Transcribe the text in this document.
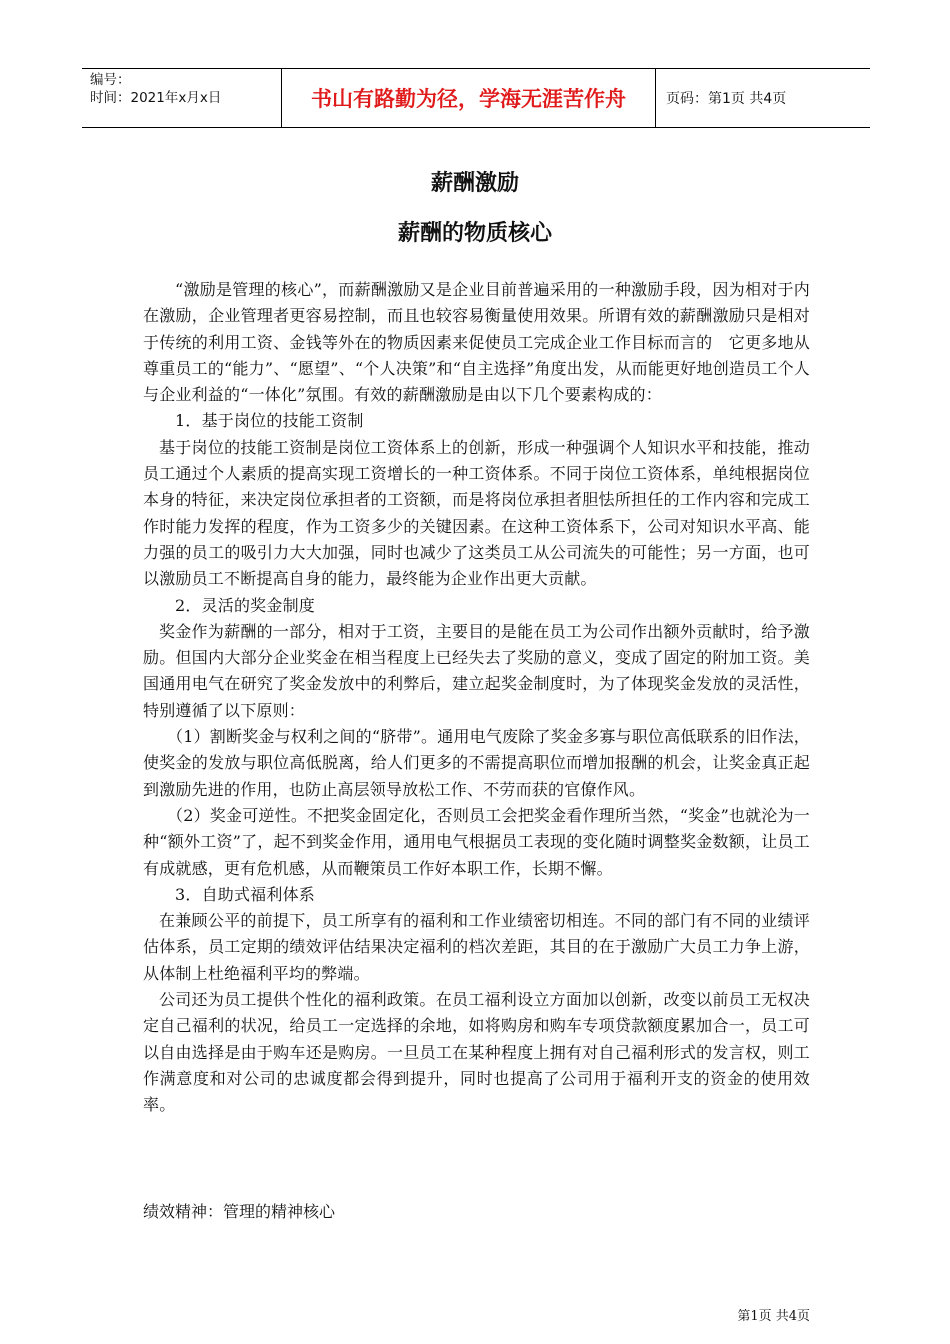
编号：
时间：2021年x月x日	书山有路勤为径，学海无涯苦作舟	页码：第1页 共4页
薪酬激励
薪酬的物质核心

“激励是管理的核心”，而薪酬激励又是企业目前普遍采用的一种激励手段，因为相对于内在激励，企业管理者更容易控制，而且也较容易衡量使用效果。所谓有效的薪酬激励只是相对于传统的利用工资、金钱等外在的物质因素来促使员工完成企业工作目标而言的　它更多地从尊重员工的“能力”、“愿望”、“个人决策”和“自主选择”角度出发，从而能更好地创造员工个人与企业利益的“一体化”氛围。有效的薪酬激励是由以下几个要素构成的：

1．基于岗位的技能工资制

基于岗位的技能工资制是岗位工资体系上的创新，形成一种强调个人知识水平和技能，推动员工通过个人素质的提高实现工资增长的一种工资体系。不同于岗位工资体系，单纯根据岗位本身的特征，来决定岗位承担者的工资额，而是将岗位承担者胆怯所担任的工作内容和完成工作时能力发挥的程度，作为工资多少的关键因素。在这种工资体系下，公司对知识水平高、能力强的员工的吸引力大大加强，同时也减少了这类员工从公司流失的可能性；另一方面，也可以激励员工不断提高自身的能力，最终能为企业作出更大贡献。

2．灵活的奖金制度

奖金作为薪酬的一部分，相对于工资，主要目的是能在员工为公司作出额外贡献时，给予激励。但国内大部分企业奖金在相当程度上已经失去了奖励的意义，变成了固定的附加工资。美国通用电气在研究了奖金发放中的利弊后，建立起奖金制度时，为了体现奖金发放的灵活性，特别遵循了以下原则：

（1）割断奖金与权利之间的“脐带”。通用电气废除了奖金多寡与职位高低联系的旧作法，使奖金的发放与职位高低脱离，给人们更多的不需提高职位而增加报酬的机会，让奖金真正起到激励先进的作用，也防止高层领导放松工作、不劳而获的官僚作风。

（2）奖金可逆性。不把奖金固定化，否则员工会把奖金看作理所当然，“奖金”也就沦为一种“额外工资”了，起不到奖金作用，通用电气根据员工表现的变化随时调整奖金数额，让员工有成就感，更有危机感，从而鞭策员工作好本职工作，长期不懈。

3．自助式福利体系

在兼顾公平的前提下，员工所享有的福利和工作业绩密切相连。不同的部门有不同的业绩评估体系，员工定期的绩效评估结果决定福利的档次差距，其目的在于激励广大员工力争上游，从体制上杜绝福利平均的弊端。

公司还为员工提供个性化的福利政策。在员工福利设立方面加以创新，改变以前员工无权决定自己福利的状况，给员工一定选择的余地，如将购房和购车专项贷款额度累加合一，员工可以自由选择是由于购车还是购房。一旦员工在某种程度上拥有对自己福利形式的发言权，则工作满意度和对公司的忠诚度都会得到提升，同时也提高了公司用于福利开支的资金的使用效率。

绩效精神：管理的精神核心
第1页 共4页
